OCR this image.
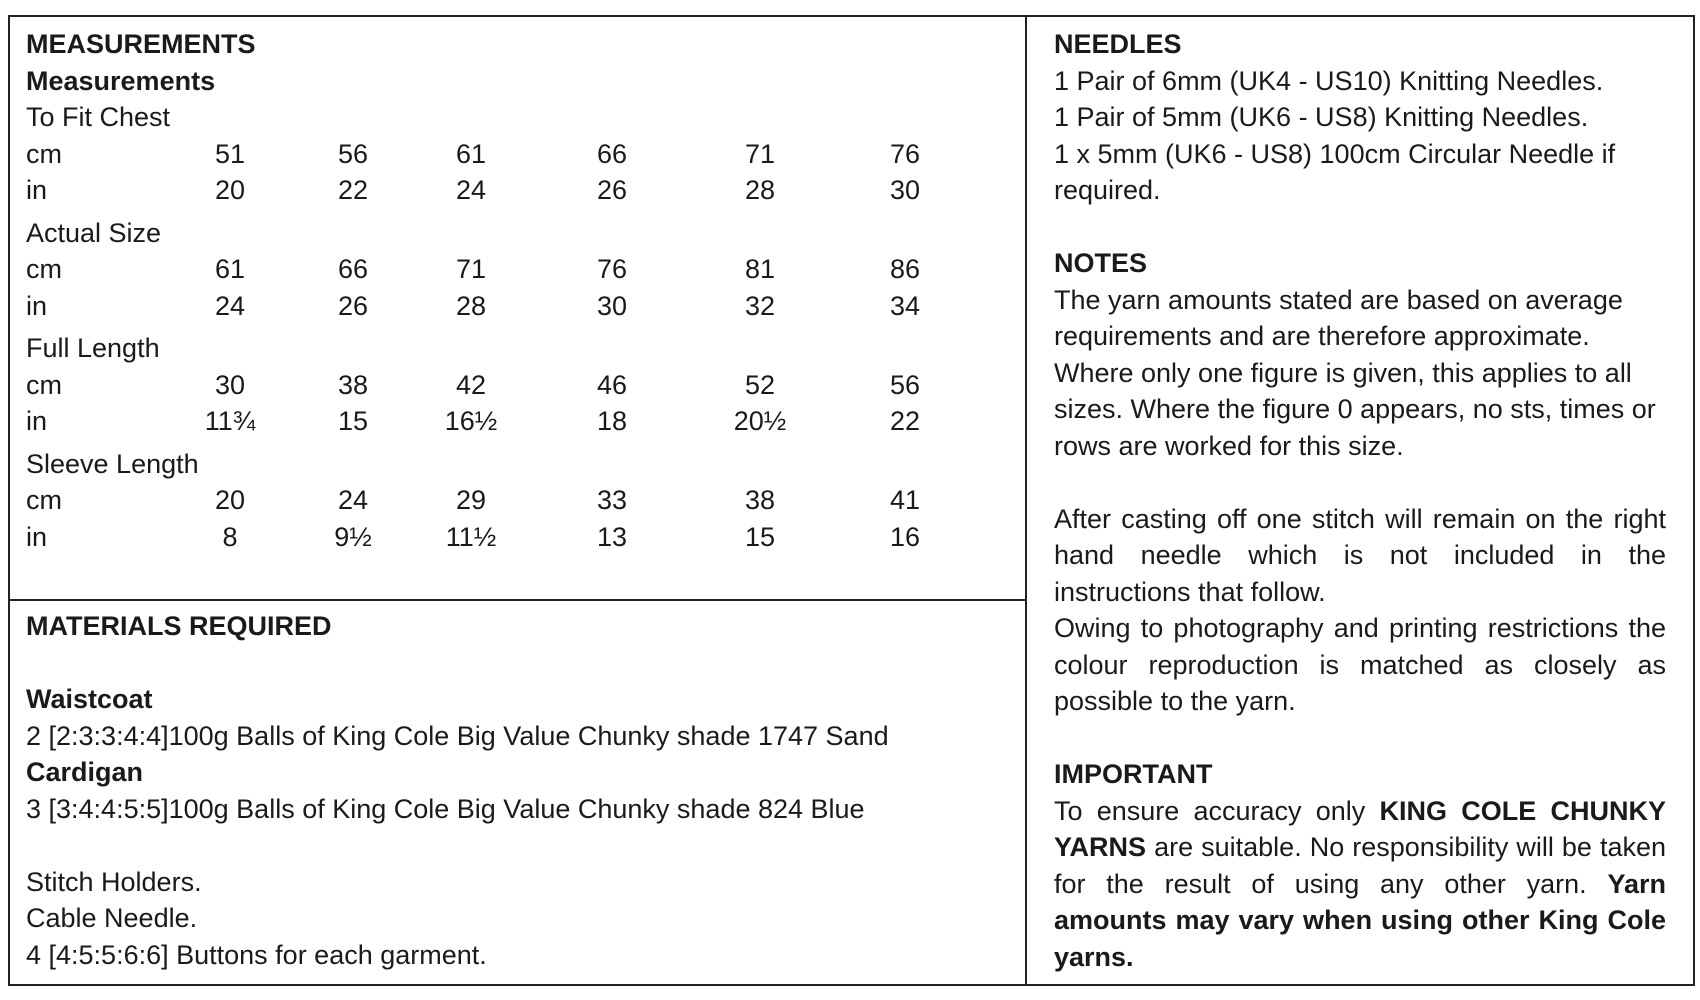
MEASUREMENTS
Measurements
To Fit Chest
cm	51	56	61	66	71	76
in	20	22	24	26	28	30
Actual Size
cm	61	66	71	76	81	86
in	24	26	28	30	32	34
Full Length
cm	30	38	42	46	52	56
in	11¾	15	16½	18	20½	22
Sleeve Length
cm	20	24	29	33	38	41
in	8	9½	11½	13	15	16
MATERIALS REQUIRED
Waistcoat
2 [2:3:3:4:4]100g Balls of King Cole Big Value Chunky shade 1747 Sand
Cardigan
3 [3:4:4:5:5]100g Balls of King Cole Big Value Chunky shade 824 Blue
Stitch Holders.
Cable Needle.
4 [4:5:5:6:6] Buttons for each garment.
NEEDLES
1 Pair of 6mm (UK4 - US10) Knitting Needles.
1 Pair of 5mm (UK6 - US8) Knitting Needles.
1 x 5mm (UK6 - US8) 100cm Circular Needle if required.
NOTES
The yarn amounts stated are based on average requirements and are therefore approximate. Where only one figure is given, this applies to all sizes. Where the figure 0 appears, no sts, times or rows are worked for this size.
After casting off one stitch will remain on the right hand needle which is not included in the instructions that follow.
Owing to photography and printing restrictions the colour reproduction is matched as closely as possible to the yarn.
IMPORTANT
To ensure accuracy only KING COLE CHUNKY YARNS are suitable. No responsibility will be taken for the result of using any other yarn. Yarn amounts may vary when using other King Cole yarns.
